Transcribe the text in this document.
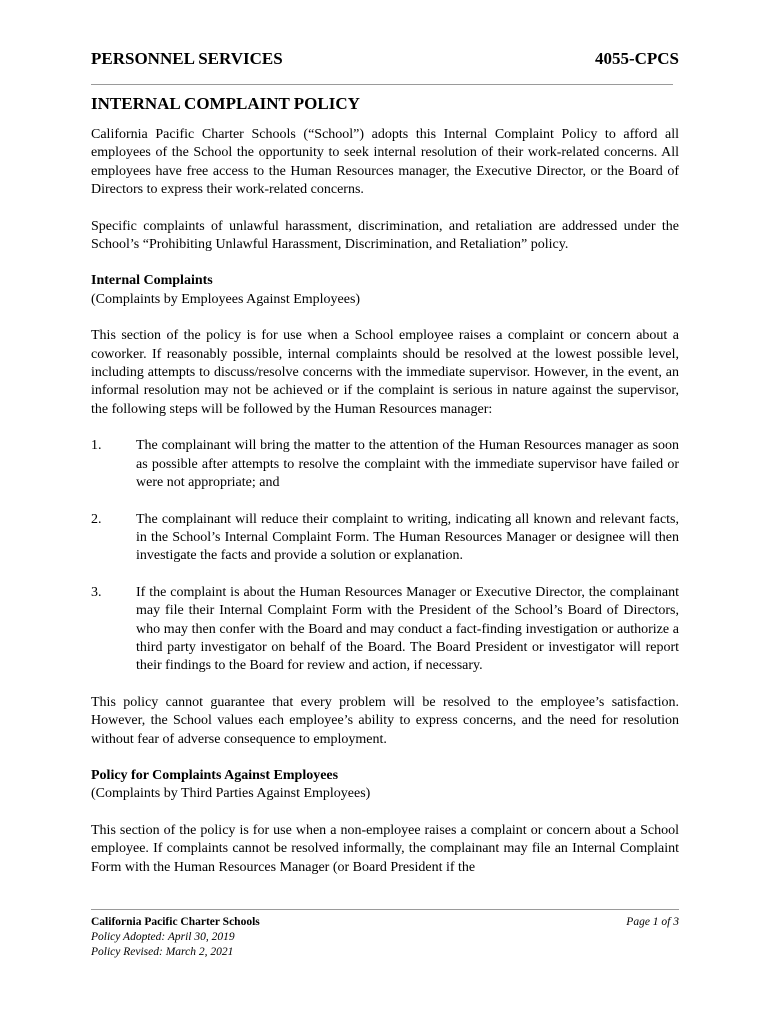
PERSONNEL SERVICES	4055-CPCS
INTERNAL COMPLAINT POLICY

California Pacific Charter Schools (“School”) adopts this Internal Complaint Policy to afford all employees of the School the opportunity to seek internal resolution of their work-related concerns. All employees have free access to the Human Resources manager, the Executive Director, or the Board of Directors to express their work-related concerns.

Specific complaints of unlawful harassment, discrimination, and retaliation are addressed under the School’s “Prohibiting Unlawful Harassment, Discrimination, and Retaliation” policy.

Internal Complaints
(Complaints by Employees Against Employees)

This section of the policy is for use when a School employee raises a complaint or concern about a coworker. If reasonably possible, internal complaints should be resolved at the lowest possible level, including attempts to discuss/resolve concerns with the immediate supervisor. However, in the event, an informal resolution may not be achieved or if the complaint is serious in nature against the supervisor, the following steps will be followed by the Human Resources manager:

1.	The complainant will bring the matter to the attention of the Human Resources manager as soon as possible after attempts to resolve the complaint with the immediate supervisor have failed or were not appropriate; and
2.	The complainant will reduce their complaint to writing, indicating all known and relevant facts, in the School’s Internal Complaint Form. The Human Resources Manager or designee will then investigate the facts and provide a solution or explanation.
3.	If the complaint is about the Human Resources Manager or Executive Director, the complainant may file their Internal Complaint Form with the President of the School’s Board of Directors, who may then confer with the Board and may conduct a fact-finding investigation or authorize a third party investigator on behalf of the Board. The Board President or investigator will report their findings to the Board for review and action, if necessary.

This policy cannot guarantee that every problem will be resolved to the employee’s satisfaction. However, the School values each employee’s ability to express concerns, and the need for resolution without fear of adverse consequence to employment.

Policy for Complaints Against Employees
(Complaints by Third Parties Against Employees)

This section of the policy is for use when a non-employee raises a complaint or concern about a School employee. If complaints cannot be resolved informally, the complainant may file an Internal Complaint Form with the Human Resources Manager (or Board President if the

California Pacific Charter Schools	Page 1 of 3
Policy Adopted: April 30, 2019
Policy Revised: March 2, 2021
